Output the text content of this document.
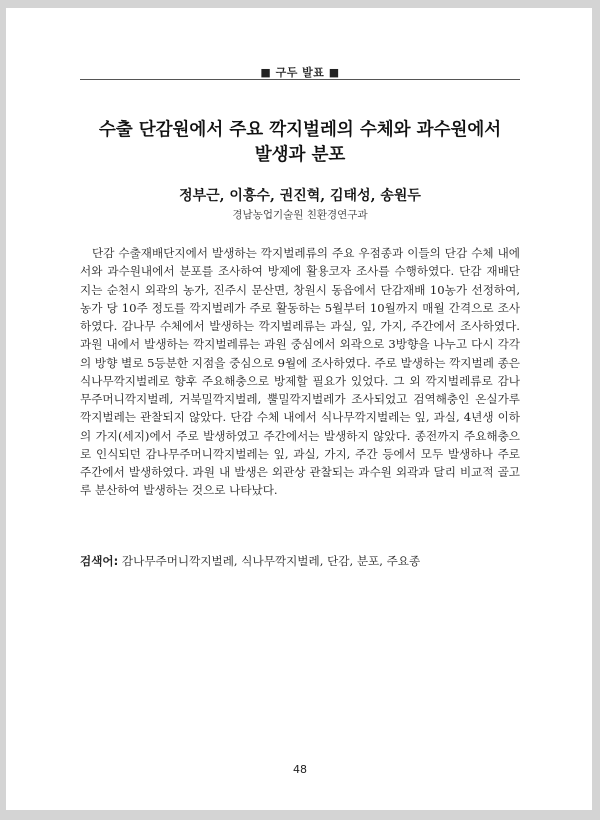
■ 구두 발표 ■
수출 단감원에서 주요 깍지벌레의 수체와 과수원에서
발생과 분포
정부근, 이흥수, 권진혁, 김태성, 송원두
경남농업기술원 친환경연구과

단감 수출재배단지에서 발생하는 깍지벌레류의 주요 우점종과 이들의 단감 수체 내에서와 과수원내에서 분포를 조사하여 방제에 활용코자 조사를 수행하였다. 단감 재배단지는 순천시 외곽의 농가, 진주시 문산면, 창원시 동읍에서 단감재배 10농가 선정하여, 농가 당 10주 정도를 깍지벌레가 주로 활동하는 5월부터 10월까지 매월 간격으로 조사하였다. 감나무 수체에서 발생하는 깍지벌레류는 과실, 잎, 가지, 주간에서 조사하였다. 과원 내에서 발생하는 깍지벌레류는 과원 중심에서 외곽으로 3방향을 나누고 다시 각각의 방향 별로 5등분한 지점을 중심으로 9월에 조사하였다. 주로 발생하는 깍지벌레 종은 식나무깍지벌레로 향후 주요해충으로 방제할 필요가 있었다. 그 외 깍지벌레류로 감나무주머니깍지벌레, 거북밀깍지벌레, 뿔밀깍지벌레가 조사되었고 검역해충인 온실가루깍지벌레는 관찰되지 않았다. 단감 수체 내에서 식나무깍지벌레는 잎, 과실, 4년생 이하의 가지(세지)에서 주로 발생하였고 주간에서는 발생하지 않았다. 종전까지 주요해충으로 인식되던 감나무주머니깍지벌레는 잎, 과실, 가지, 주간 등에서 모두 발생하나 주로 주간에서 발생하였다. 과원 내 발생은 외관상 관찰되는 과수원 외곽과 달리 비교적 골고루 분산하여 발생하는 것으로 나타났다.

검색어: 감나무주머니깍지벌레, 식나무깍지벌레, 단감, 분포, 주요종

48
